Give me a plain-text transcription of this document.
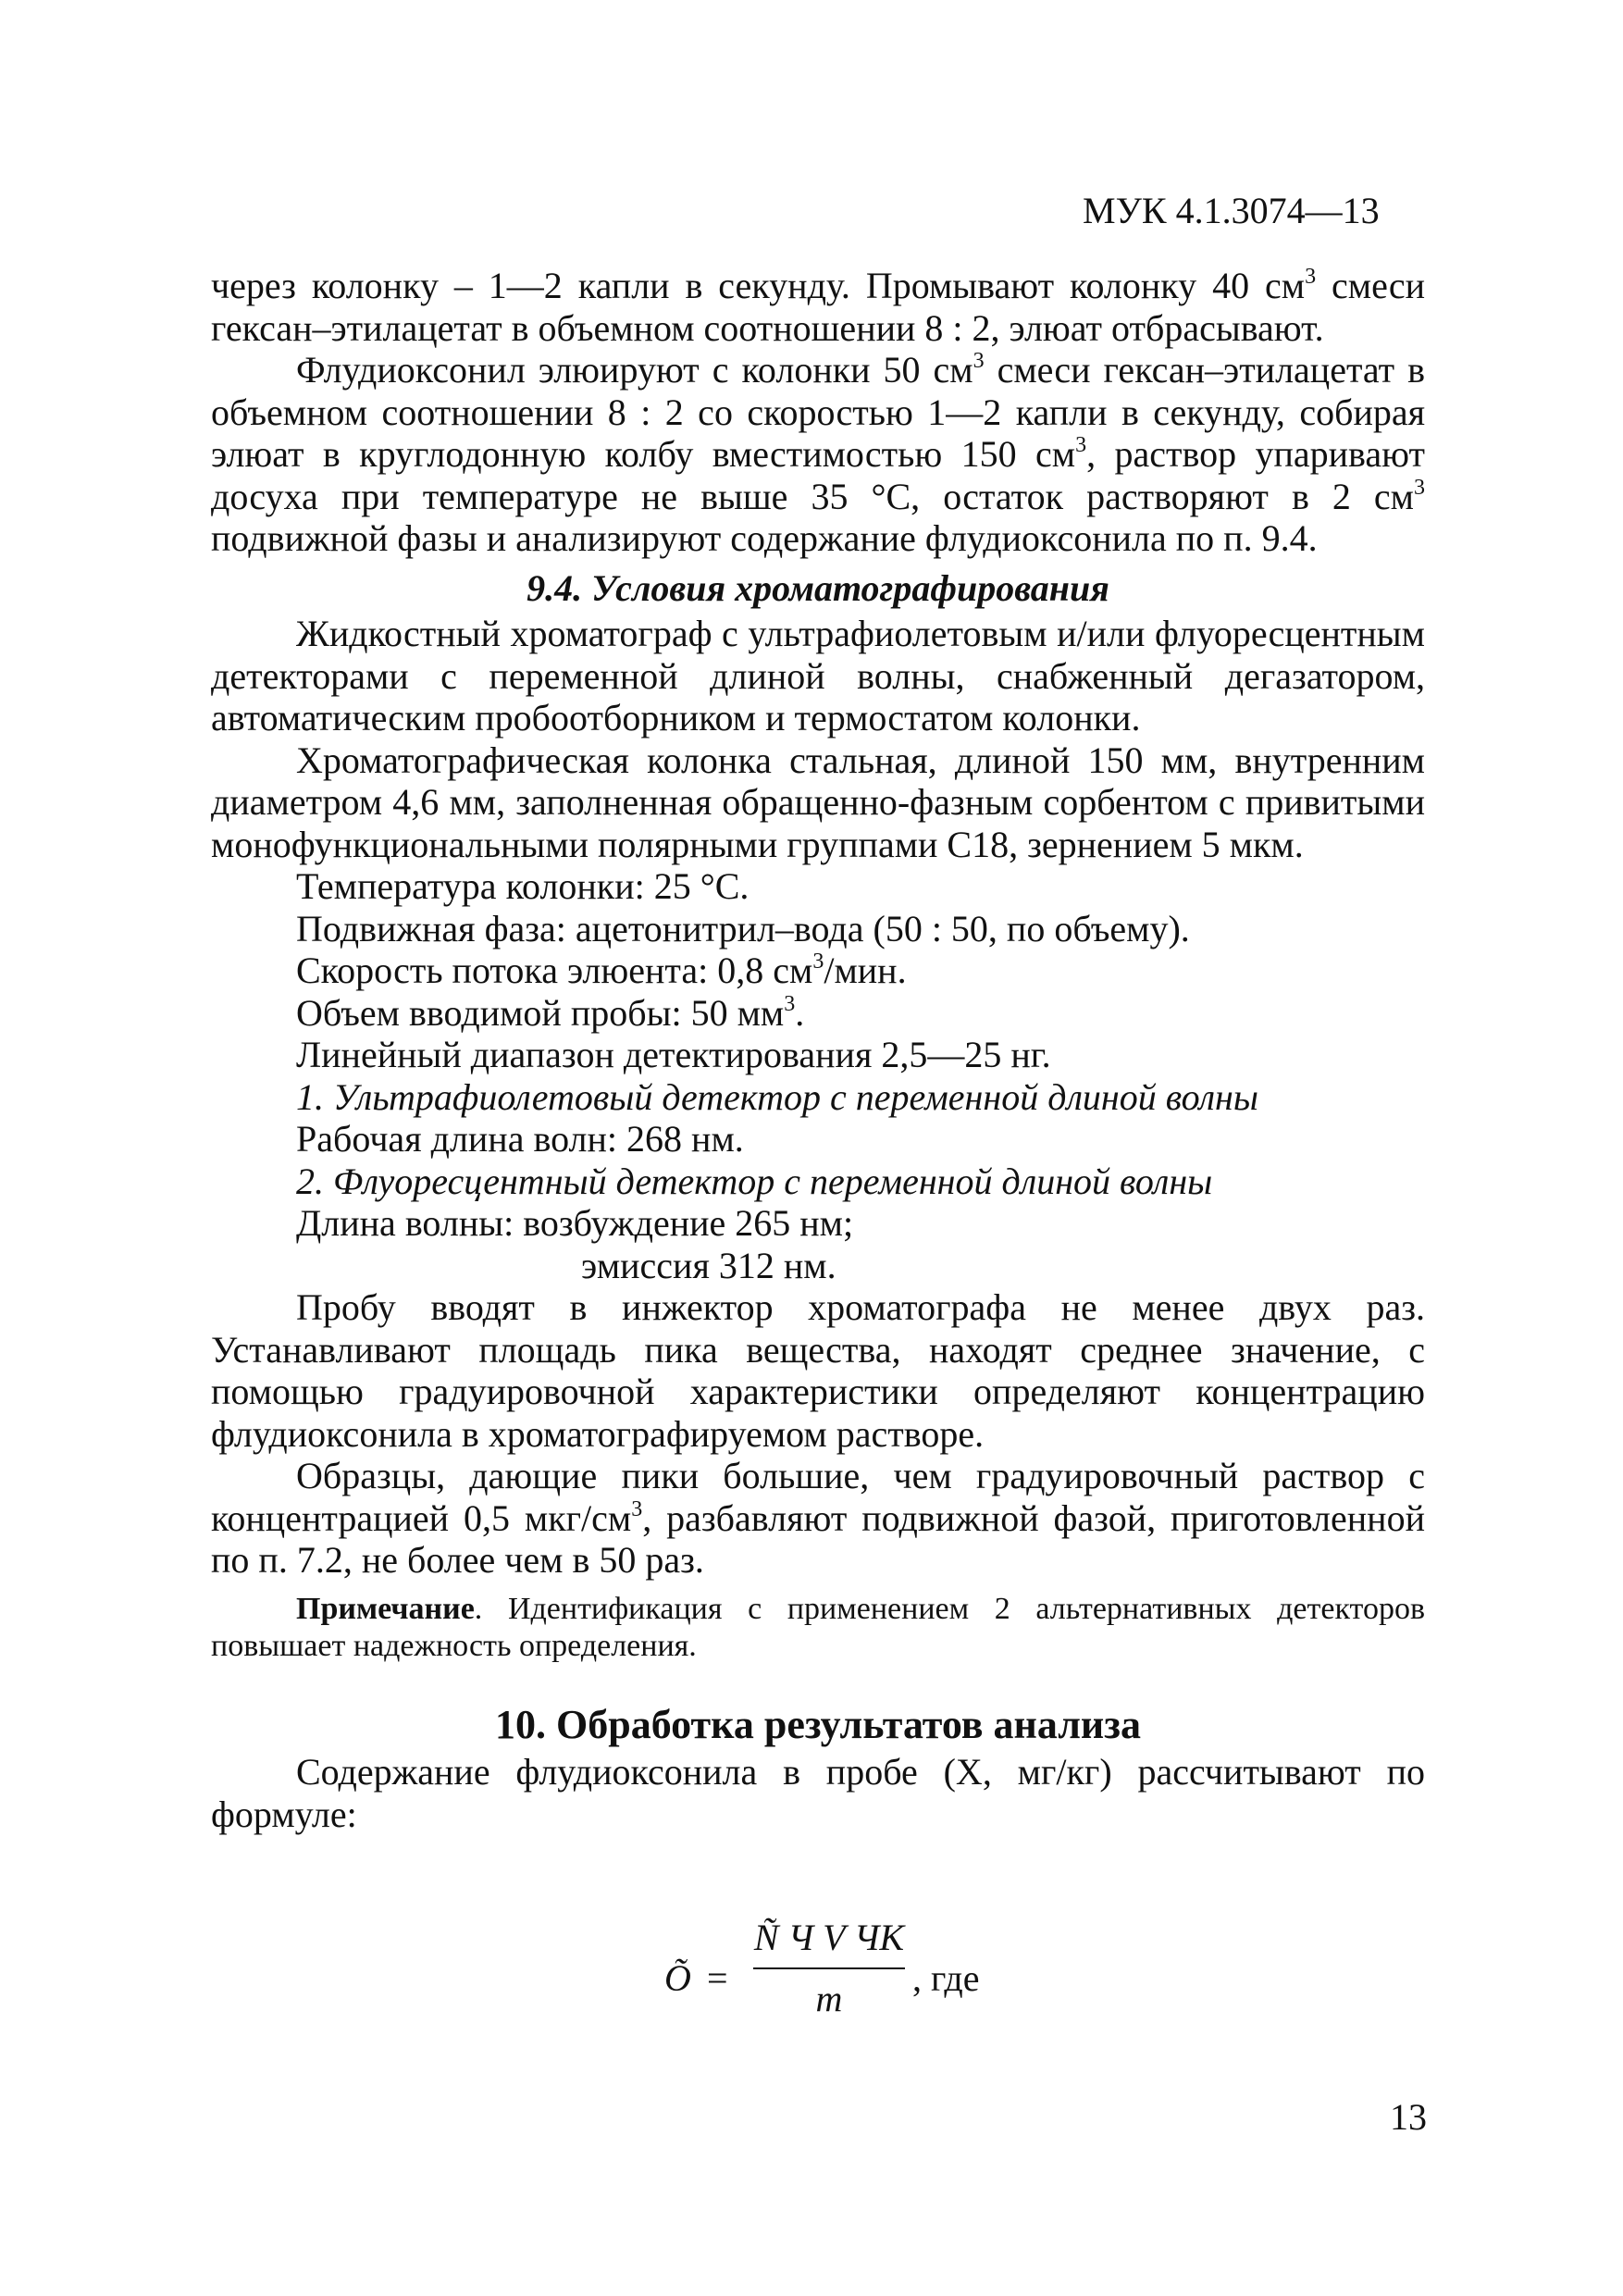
МУК 4.1.3074—13

через колонку – 1—2 капли в секунду. Промывают колонку 40 $см^3$ смеси гексан–этилацетат в объемном соотношении 8 : 2, элюат отбрасывают.

Флудиоксонил элюируют с колонки 50 $см^3$ смеси гексан–этилацетат в объемном соотношении 8 : 2 со скоростью 1—2 капли в секунду, собирая элюат в круглодонную колбу вместимостью 150 $см^3$, раствор упаривают досуха при температуре не выше 35 °С, остаток растворяют в 2 $см^3$ подвижной фазы и анализируют содержание флудиоксонила по п. 9.4.

9.4. Условия хроматографирования

Жидкостный хроматограф с ультрафиолетовым и/или флуоресцентным детекторами с переменной длиной волны, снабженный дегазатором, автоматическим пробоотборником и термостатом колонки.

Хроматографическая колонка стальная, длиной 150 мм, внутренним диаметром 4,6 мм, заполненная обращенно-фазным сорбентом с привитыми монофункциональными полярными группами С18, зернением 5 мкм.

Температура колонки: 25 °С.

Подвижная фаза: ацетонитрил–вода (50 : 50, по объему).

Скорость потока элюента: 0,8 $см^3$/мин.

Объем вводимой пробы: 50 $мм^3$.

Линейный диапазон детектирования 2,5—25 нг.

1. Ультрафиолетовый детектор с переменной длиной волны

Рабочая длина волн: 268 нм.

2. Флуоресцентный детектор с переменной длиной волны

Длина волны: возбуждение 265 нм;

эмиссия 312 нм.

Пробу вводят в инжектор хроматографа не менее двух раз. Устанавливают площадь пика вещества, находят среднее значение, с помощью градуировочной характеристики определяют концентрацию флудиоксонила в хроматографируемом растворе.

Образцы, дающие пики большие, чем градуировочный раствор с концентрацией 0,5 мкг/$см^3$, разбавляют подвижной фазой, приготовленной по п. 7.2, не более чем в 50 раз.

Примечание. Идентификация с применением 2 альтернативных детекторов повышает надежность определения.

10. Обработка результатов анализа

Содержание флудиоксонила в пробе (X, мг/кг) рассчитывают по формуле:

Õ =
Ñ Ч V ЧK
m	, где
13
